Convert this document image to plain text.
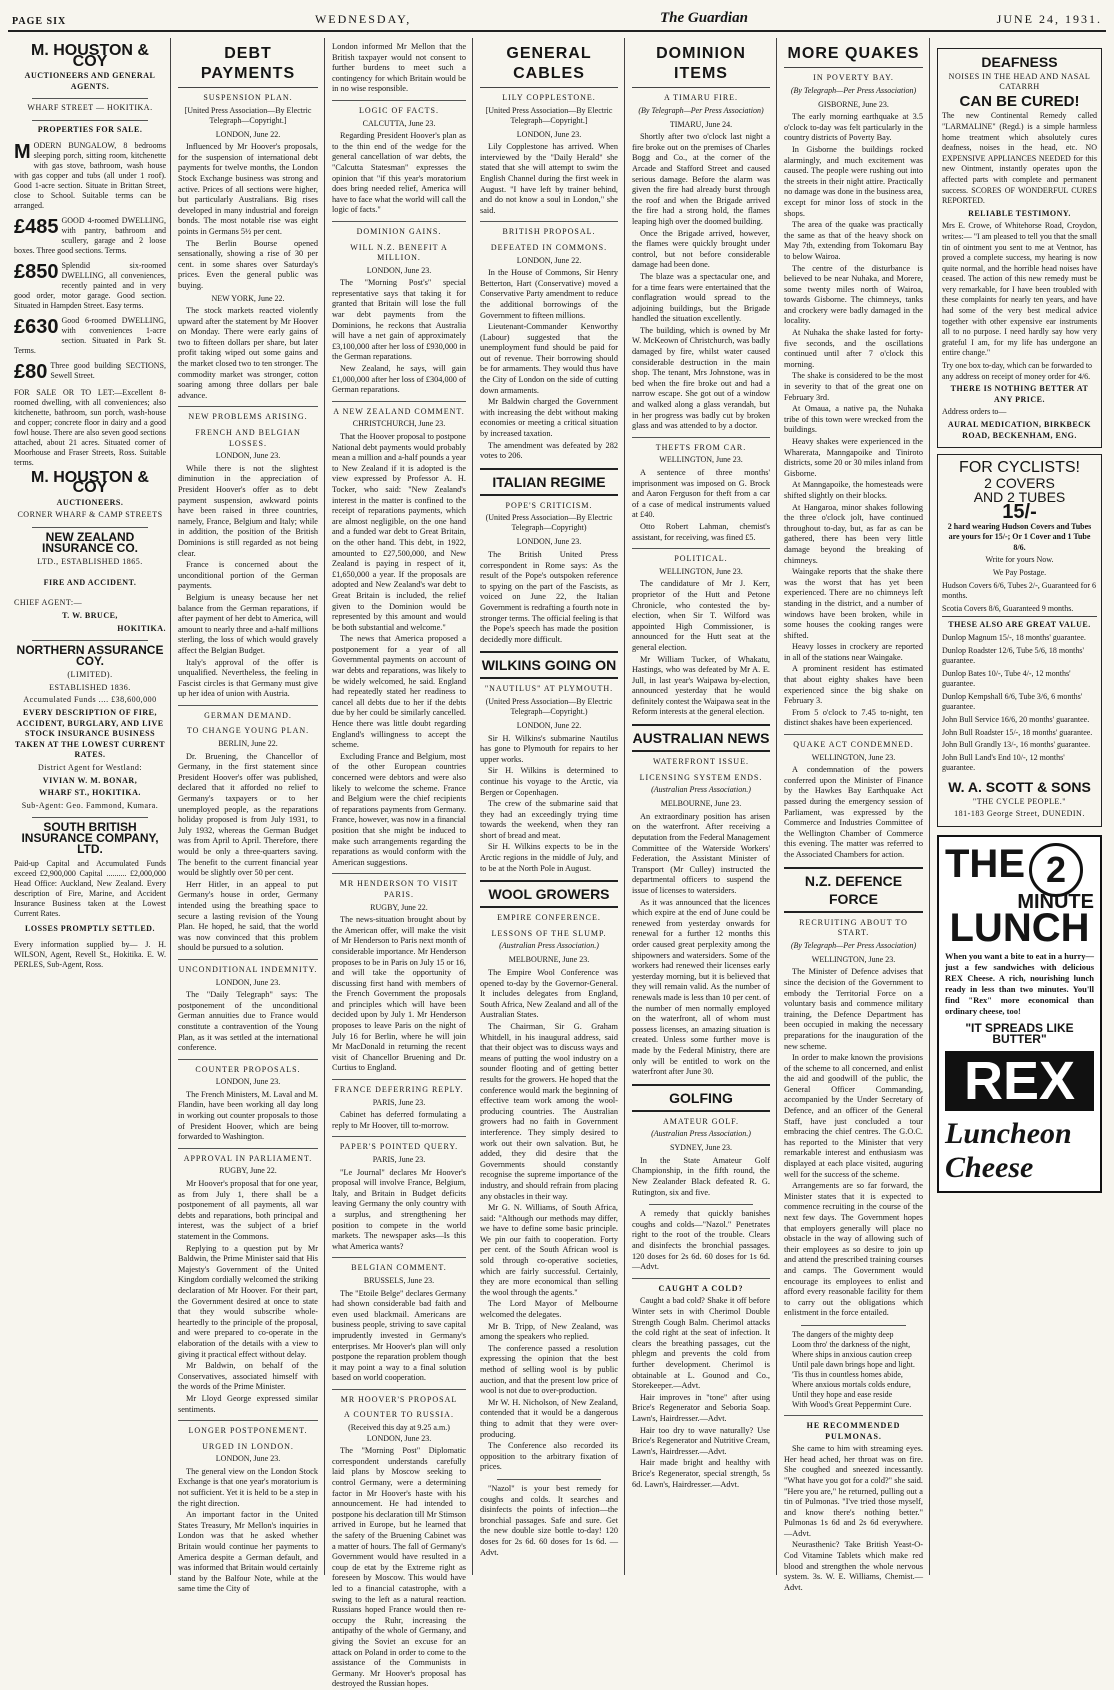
PAGE SIX	WEDNESDAY,	The Guardian	JUNE 24, 1931.
M. HOUSTON & COY
AUCTIONEERS AND GENERAL AGENTS.
WHARF STREET — HOKITIKA.
PROPERTIES FOR SALE.
MODERN BUNGALOW, 8 bedrooms sleeping porch, sitting room, kitchenette with gas stove, bathroom, wash house with gas copper and tubs (all under 1 roof). Good 1-acre section. Situate in Brittan Street, close to School. Suitable terms can be arranged.
£485 GOOD 4-roomed DWELLING, with pantry, bathroom and scullery, garage and 2 loose boxes. Three good sections. Terms.
£850 Splendid six-roomed DWELLING, all conveniences, recently painted and in very good order, motor garage. Good section. Situated in Hampden Street. Easy terms.
£630 Good 6-roomed DWELLING, with conveniences 1-acre section. Situated in Park St. Terms.
£80 Three good building SECTIONS, Sewell Street.
FOR SALE OR TO LET:—Excellent 8-roomed dwelling, with all conveniences; also kitchenette, bathroom, sun porch, wash-house and copper; concrete floor in dairy and a good fowl house. There are also seven good sections attached, about 21 acres. Situated corner of Moorhouse and Fraser Streets, Ross. Suitable terms.
M. HOUSTON & COY
AUCTIONEERS.
CORNER WHARF & CAMP STREETS
NEW ZEALAND INSURANCE CO.
LTD., ESTABLISHED 1865.
FIRE AND ACCIDENT.
CHIEF AGENT:—
T. W. BRUCE,
HOKITIKA.
NORTHERN ASSURANCE COY.
(LIMITED).
ESTABLISHED 1836.
Accumulated Funds .... £38,600,000
EVERY DESCRIPTION OF FIRE, ACCIDENT, BURGLARY, AND LIVE STOCK INSURANCE BUSINESS TAKEN AT THE LOWEST CURRENT RATES.
District Agent for Westland:
VIVIAN W. M. BONAR,
WHARF ST., HOKITIKA.
Sub-Agent: Geo. Fammond, Kumara.
SOUTH BRITISH INSURANCE COMPANY, LTD.
Paid-up Capital and Accumulated Funds exceed £2,900,000 Capital .......... £2,000,000 Head Office: Auckland, New Zealand. Every description of Fire, Marine, and Accident Insurance Business taken at the Lowest Current Rates.
LOSSES PROMPTLY SETTLED.
Every information supplied by— J. H. WILSON, Agent, Revell St., Hokitika. E. W. PERLES, Sub-Agent, Ross.
DEBT PAYMENTS
SUSPENSION PLAN.
[United Press Association—By Electric Telegraph—Copyright.]
LONDON, June 22.

Influenced by Mr Hoover's proposals, for the suspension of international debt payments for twelve months, the London Stock Exchange business was strong and active. Prices of all sections were higher, but particularly Australians. Big rises developed in many industrial and foreign bonds. The most notable rise was eight points in Germans 5½ per cent.

The Berlin Bourse opened sensationally, showing a rise of 30 per cent. in some shares over Saturday's prices. Even the general public was buying.

NEW YORK, June 22.

The stock markets reacted violently upward after the statement by Mr Hoover on Monday. There were early gains of two to fifteen dollars per share, but later profit taking wiped out some gains and the market closed two to ten stronger. The commodity market was stronger, cotton soaring among three dollars per bale advance.

NEW PROBLEMS ARISING.
FRENCH AND BELGIAN LOSSES.
LONDON, June 23.

While there is not the slightest diminution in the appreciation of President Hoover's offer as to debt payment suspension, awkward points have been raised in three countries, namely, France, Belgium and Italy; while in addition, the position of the British Dominions is still regarded as not being clear.

France is concerned about the unconditional portion of the German payments.

Belgium is uneasy because her net balance from the German reparations, if after payment of her debt to America, will amount to nearly three and a-half millions sterling, the loss of which would gravely affect the Belgian Budget.

Italy's approval of the offer is unqualified. Nevertheless, the feeling in Fascist circles is that Germany must give up her idea of union with Austria.

GERMAN DEMAND.
TO CHANGE YOUNG PLAN.
BERLIN, June 22.

Dr. Bruening, the Chancellor of Germany, in the first statement since President Hoover's offer was published, declared that it afforded no relief to Germany's taxpayers or to her unemployed people, as the reparations holiday proposed is from July 1931, to July 1932, whereas the German Budget was from April to April. Therefore, there would be only a three-quarters saving. The benefit to the current financial year would be slightly over 50 per cent.

Herr Hitler, in an appeal to put Germany's house in order, Germany intended using the breathing space to secure a lasting revision of the Young Plan. He hoped, he said, that the world was now convinced that this problem should be pursued to a solution.

UNCONDITIONAL INDEMNITY.
LONDON, June 23.

The "Daily Telegraph" says: The postponement of the unconditional German annuities due to France would constitute a contravention of the Young Plan, as it was settled at the international conference.

COUNTER PROPOSALS.
LONDON, June 23.

The French Ministers, M. Laval and M. Flandin, have been working all day long in working out counter proposals to those of President Hoover, which are being forwarded to Washington.

APPROVAL IN PARLIAMENT.
RUGBY, June 22.

Mr Hoover's proposal that for one year, as from July 1, there shall be a postponement of all payments, all war debts and reparations, both principal and interest, was the subject of a brief statement in the Commons.

Replying to a question put by Mr Baldwin, the Prime Minister said that His Majesty's Government of the United Kingdom cordially welcomed the striking declaration of Mr Hoover. For their part, the Government desired at once to state that they would subscribe whole-heartedly to the principle of the proposal, and were prepared to co-operate in the elaboration of the details with a view to giving it practical effect without delay.

Mr Baldwin, on behalf of the Conservatives, associated himself with the words of the Prime Minister.

Mr Lloyd George expressed similar sentiments.

LONGER POSTPONEMENT.
URGED IN LONDON.
LONDON, June 23.

The general view on the London Stock Exchange is that one year's moratorium is not sufficient. Yet it is held to be a step in the right direction.

An important factor in the United States Treasury, Mr Mellon's inquiries in London was that he asked whether Britain would continue her payments to America despite a German default, and was informed that Britain would certainly stand by the Balfour Note, while at the same time the City of

London informed Mr Mellon that the British taxpayer would not consent to further burdens to meet such a contingency for which Britain would be in no wise responsible.

LOGIC OF FACTS.
CALCUTTA, June 23.

Regarding President Hoover's plan as to the thin end of the wedge for the general cancellation of war debts, the "Calcutta Statesman" expresses the opinion that "if this year's moratorium does bring needed relief, America will have to face what the world will call the logic of facts."

DOMINION GAINS.
WILL N.Z. BENEFIT A MILLION.
LONDON, June 23.

The "Morning Post's" special representative says that taking it for granted that Britain will lose the full war debt payments from the Dominions, he reckons that Australia will have a net gain of approximately £3,100,000 after her loss of £930,000 in the German reparations.

New Zealand, he says, will gain £1,000,000 after her loss of £304,000 of German reparations.

A NEW ZEALAND COMMENT.
CHRISTCHURCH, June 23.

That the Hoover proposal to postpone National debt payments would probably mean a million and a-half pounds a year to New Zealand if it is adopted is the view expressed by Professor A. H. Tocker, who said: "New Zealand's interest in the matter is confined to the receipt of reparations payments, which are almost negligible, on the one hand and a funded war debt to Great Britain, on the other hand. This debt, in 1922, amounted to £27,500,000, and New Zealand is paying in respect of it, £1,650,000 a year. If the proposals are adopted and New Zealand's war debt to Great Britain is included, the relief given to the Dominion would be represented by this amount and would be both substantial and welcome."

The news that America proposed a postponement for a year of all Governmental payments on account of war debts and reparations, was likely to be widely welcomed, he said. England had repeatedly stated her readiness to cancel all debts due to her if the debts due by her could be similarly cancelled. Hence there was little doubt regarding England's willingness to accept the scheme.

Excluding France and Belgium, most of the other European countries concerned were debtors and were also likely to welcome the scheme. France and Belgium were the chief recipients of reparations payments from Germany. France, however, was now in a financial position that she might be induced to make such arrangements regarding the reparations as would conform with the American suggestions.

MR HENDERSON TO VISIT PARIS.
RUGBY, June 22.

The news-situation brought about by the American offer, will make the visit of Mr Henderson to Paris next month of considerable importance. Mr Henderson proposes to be in Paris on July 15 or 16, and will take the opportunity of discussing first hand with members of the French Government the proposals and principles which will have been decided upon by July 1. Mr Henderson proposes to leave Paris on the night of July 16 for Berlin, where he will join Mr MacDonald in returning the recent visit of Chancellor Bruening and Dr. Curtius to England.

FRANCE DEFERRING REPLY.
PARIS, June 23.

Cabinet has deferred formulating a reply to Mr Hoover, till to-morrow.

PAPER'S POINTED QUERY.
PARIS, June 23.

"Le Journal" declares Mr Hoover's proposal will involve France, Belgium, Italy, and Britain in Budget deficits leaving Germany the only country with a surplus, and strengthening her position to compete in the world markets. The newspaper asks—Is this what America wants?

BELGIAN COMMENT.
BRUSSELS, June 23.

The "Etoile Belge" declares Germany had shown considerable bad faith and even used blackmail. Americans are business people, striving to save capital imprudently invested in Germany's enterprises. Mr Hoover's plan will only postpone the reparation problem though it may point a way to a final solution based on world cooperation.

MR HOOVER'S PROPOSAL
A COUNTER TO RUSSIA.
(Received this day at 9.25 a.m.) LONDON, June 23.

The "Morning Post" Diplomatic correspondent understands carefully laid plans by Moscow seeking to control Germany, were a determining factor in Mr Hoover's haste with his announcement. He had intended to postpone his declaration till Mr Stimson arrived in Europe, but he learned that the safety of the Bruening Cabinet was a matter of hours. The fall of Germany's Government would have resulted in a coup de etat by the Extreme right as foreseen by Moscow. This would have led to a financial catastrophe, with a swing to the left as a natural reaction. Russians hoped France would then re-occupy the Ruhr, increasing the antipathy of the whole of Germany, and giving the Soviet an excuse for an attack on Poland in order to come to the assistance of the Communists in Germany. Mr Hoover's proposal has destroyed the Russian hopes.

GENERAL CABLES
LILY COPPLESTONE.
[United Press Association—By Electric Telegraph—Copyright.]
LONDON, June 23.

Lily Copplestone has arrived. When interviewed by the "Daily Herald" she stated that she will attempt to swim the English Channel during the first week in August. "I have left by trainer behind, and do not know a soul in London," she said.

BRITISH PROPOSAL.
DEFEATED IN COMMONS.
LONDON, June 22.

In the House of Commons, Sir Henry Betterton, Hart (Conservative) moved a Conservative Party amendment to reduce the additional borrowings of the Government to fifteen millions.

Lieutenant-Commander Kenworthy (Labour) suggested that the unemployment fund should be paid for out of revenue. Their borrowing should be for armaments. They would thus have the City of London on the side of cutting down armaments.

Mr Baldwin charged the Government with increasing the debt without making economies or meeting a critical situation by increased taxation.

The amendment was defeated by 282 votes to 206.

ITALIAN REGIME
POPE'S CRITICISM.
(United Press Association—By Electric Telegraph—Copyright)
LONDON, June 23.

The British United Press correspondent in Rome says: As the result of the Pope's outspoken reference to spying on the part of the Fascists, as voiced on June 22, the Italian Government is redrafting a fourth note in stronger terms. The official feeling is that the Pope's speech has made the position decidedly more difficult.

WILKINS GOING ON
"NAUTILUS" AT PLYMOUTH.
(United Press Association—By Electric Telegraph—Copyright.)
LONDON, June 22.

Sir H. Wilkins's submarine Nautilus has gone to Plymouth for repairs to her upper works.

Sir H. Wilkins is determined to continue his voyage to the Arctic, via Bergen or Copenhagen.

The crew of the submarine said that they had an exceedingly trying time towards the weekend, when they ran short of bread and meat.

Sir H. Wilkins expects to be in the Arctic regions in the middle of July, and to be at the North Pole in August.

WOOL GROWERS
EMPIRE CONFERENCE.
LESSONS OF THE SLUMP.
(Australian Press Association.)
MELBOURNE, June 23.

The Empire Wool Conference was opened to-day by the Governor-General. It includes delegates from England, South Africa, New Zealand and all of the Australian States.

The Chairman, Sir G. Graham Whitdell, in his inaugural address, said that their object was to discuss ways and means of putting the wool industry on a sounder flooting and of getting better results for the growers. He hoped that the conference would mark the beginning of effective team work among the wool-producing countries. The Australian growers had no faith in Government interference. They simply desired to work out their own salvation. But, he added, they did desire that the Governments should constantly recognise the supreme importance of the industry, and should refrain from placing any obstacles in their way.

Mr G. N. Williams, of South Africa, said: "Although our methods may differ, we have to define some basic principle. We pin our faith to cooperation. Forty per cent. of the South African wool is sold through co-operative societies, which are fairly successful. Certainly, they are more economical than selling the wool through the agents."

The Lord Mayor of Melbourne welcomed the delegates.

Mr B. Tripp, of New Zealand, was among the speakers who replied.

The conference passed a resolution expressing the opinion that the best method of selling wool is by public auction, and that the present low price of wool is not due to over-production.

Mr W. H. Nicholson, of New Zealand, contended that it would be a dangerous thing to admit that they were over-producing.

The Conference also recorded its opposition to the arbitrary fixation of prices.

"Nazol" is your best remedy for coughs and colds. It searches and disinfects the points of infection—the bronchial passages. Safe and sure. Get the new double size bottle to-day! 120 doses for 2s 6d. 60 doses for 1s 6d. —Advt.

DOMINION ITEMS
A TIMARU FIRE.
(By Telegraph—Per Press Association)
TIMARU, June 24.

Shortly after two o'clock last night a fire broke out on the premises of Charles Bogg and Co., at the corner of the Arcade and Stafford Street and caused serious damage. Before the alarm was given the fire had already burst through the roof and when the Brigade arrived the fire had a strong hold, the flames leaping high over the doomed building.

Once the Brigade arrived, however, the flames were quickly brought under control, but not before considerable damage had been done.

The blaze was a spectacular one, and for a time fears were entertained that the conflagration would spread to the adjoining buildings, but the Brigade handled the situation excellently.

The building, which is owned by Mr W. McKeown of Christchurch, was badly damaged by fire, whilst water caused considerable destruction in the main shop. The tenant, Mrs Johnstone, was in bed when the fire broke out and had a narrow escape. She got out of a window and walked along a glass verandah, but in her progress was badly cut by broken glass and was attended to by a doctor.

THEFTS FROM CAR.
WELLINGTON, June 23.

A sentence of three months' imprisonment was imposed on G. Brock and Aaron Ferguson for theft from a car of a case of medical instruments valued at £40.

Otto Robert Lahman, chemist's assistant, for receiving, was fined £5.

POLITICAL.
WELLINGTON, June 23.

The candidature of Mr J. Kerr, proprietor of the Hutt and Petone Chronicle, who contested the by-election, when Sir T. Wilford was appointed High Commissioner, is announced for the Hutt seat at the general election.

Mr William Tucker, of Whakatu, Hastings, who was defeated by Mr A. E. Jull, in last year's Waipawa by-election, announced yesterday that he would definitely contest the Waipawa seat in the Reform interests at the general election.

AUSTRALIAN NEWS
WATERFRONT ISSUE.
LICENSING SYSTEM ENDS.
(Australian Press Association.)
MELBOURNE, June 23.

An extraordinary position has arisen on the waterfront. After receiving a deputation from the Federal Management Committee of the Waterside Workers' Federation, the Assistant Minister of Transport (Mr Culley) instructed the departmental officers to suspend the issue of licenses to watersiders.

As it was announced that the licences which expire at the end of June could be renewed from yesterday onwards for renewal for a further 12 months this order caused great perplexity among the shipowners and watersiders. Some of the workers had renewed their licenses early yesterday morning, but it is believed that they will remain valid. As the number of renewals made is less than 10 per cent. of the number of men normally employed on the waterfront, all of whom must possess licenses, an amazing situation is created. Unless some further move is made by the Federal Ministry, there are only will be entitled to work on the waterfront after June 30.

GOLFING
AMATEUR GOLF.
(Australian Press Association.)
SYDNEY, June 23.

In the State Amateur Golf Championship, in the fifth round, the New Zealander Black defeated R. G. Rutington, six and five.

A remedy that quickly banishes coughs and colds—"Nazol." Penetrates right to the root of the trouble. Clears and disinfects the bronchial passages. 120 doses for 2s 6d. 60 doses for 1s 6d.—Advt.

CAUGHT A COLD?

Caught a bad cold? Shake it off before Winter sets in with Cherimol Double Strength Cough Balm. Cherimol attacks the cold right at the seat of infection. It clears the breathing passages, cut the phlegm and prevents the cold from further development. Cherimol is obtainable at L. Gounod and Co., Storekeeper.—Advt.

Hair improves in "tone" after using Brice's Regenerator and Seboria Soap. Lawn's, Hairdresser.—Advt.

Hair too dry to wave naturally? Use Brice's Regenerator and Nutritive Cream, Lawn's, Hairdresser.—Advt.

Hair made bright and healthy with Brice's Regenerator, special strength, 5s 6d. Lawn's, Hairdresser.—Advt.

MORE QUAKES
IN POVERTY BAY.
(By Telegraph—Per Press Association)
GISBORNE, June 23.

The early morning earthquake at 3.5 o'clock to-day was felt particularly in the country districts of Poverty Bay.

In Gisborne the buildings rocked alarmingly, and much excitement was caused. The people were rushing out into the streets in their night attire. Practically no damage was done in the business area, except for minor loss of stock in the shops.

The area of the quake was practically the same as that of the heavy shock on May 7th, extending from Tokomaru Bay to below Wairoa.

The centre of the disturbance is believed to be near Nuhaka, and Morere, some twenty miles north of Wairoa, towards Gisborne. The chimneys, tanks and crockery were badly damaged in the locality.

At Nuhaka the shake lasted for forty-five seconds, and the oscillations continued until after 7 o'clock this morning.

The shake is considered to be the most in severity to that of the great one on February 3rd.

At Omaua, a native pa, the Nuhaka tribe of this town were wrecked from the buildings.

Heavy shakes were experienced in the Wharerata, Manngapoike and Tiniroto districts, some 20 or 30 miles inland from Gisborne.

At Manngapoike, the homesteads were shifted slightly on their blocks.

At Hangaroa, minor shakes following the three o'clock jolt, have continued throughout to-day, but, as far as can be gathered, there has been very little damage beyond the breaking of chimneys.

Waingake reports that the shake there was the worst that has yet been experienced. There are no chimneys left standing in the district, and a number of windows have been broken, while in some houses the cooking ranges were shifted.

Heavy losses in crockery are reported in all of the stations near Waingake.

A prominent resident has estimated that about eighty shakes have been experienced since the big shake on February 3.

From 5 o'clock to 7.45 to-night, ten distinct shakes have been experienced.

QUAKE ACT CONDEMNED.
WELLINGTON, June 23.

A condemnation of the powers conferred upon the Minister of Finance by the Hawkes Bay Earthquake Act passed during the emergency session of Parliament, was expressed by the Commerce and Industries Committee of the Wellington Chamber of Commerce this evening. The matter was referred to the Associated Chambers for action.

N.Z. DEFENCE FORCE
RECRUITING ABOUT TO START.
(By Telegraph—Per Press Association)
WELLINGTON, June 23.

The Minister of Defence advises that since the decision of the Government to embody the Territorial Force on a voluntary basis and commence military training, the Defence Department has been occupied in making the necessary preparations for the inauguration of the new scheme.

In order to make known the provisions of the scheme to all concerned, and enlist the aid and goodwill of the public, the General Officer Commanding, accompanied by the Under Secretary of Defence, and an officer of the General Staff, have just concluded a tour embracing the chief centres. The G.O.C. has reported to the Minister that very remarkable interest and enthusiasm was displayed at each place visited, auguring well for the success of the scheme.

Arrangements are so far forward, the Minister states that it is expected to commence recruiting in the course of the next few days. The Government hopes that employers generally will place no obstacle in the way of allowing such of their employees as so desire to join up and attend the prescribed training courses and camps. The Government would encourage its employees to enlist and afford every reasonable facility for them to carry out the obligations which enlistment in the force entailed.

The dangers of the mighty deep
Loom thro' the darkness of the night,
Where ships in anxious caution creep
Until pale dawn brings hope and light.
'Tis thus in countless homes abide,
Where anxious mortals colds endure,
Until they hope and ease reside
With Wood's Great Peppermint Cure.
HE RECOMMENDED PULMONAS.

She came to him with streaming eyes. Her head ached, her throat was on fire. She coughed and sneezed incessantly. "What have you got for a cold?" she said. "Here you are," he returned, pulling out a tin of Pulmonas. "I've tried those myself, and know there's nothing better." Pulmonas 1s 6d and 2s 6d everywhere. —Advt.

Neurasthenic? Take British Yeast-O-Cod Vitamine Tablets which make red blood and strengthen the whole nervous system. 3s. W. E. Williams, Chemist.—Advt.

DEAFNESS
NOISES IN THE HEAD AND NASAL CATARRH
CAN BE CURED!
The new Continental Remedy called "LARMALINE" (Regd.) is a simple harmless home treatment which absolutely cures deafness, noises in the head, etc. NO EXPENSIVE APPLIANCES NEEDED for this new Ointment, instantly operates upon the affected parts with complete and permanent success. SCORES OF WONDERFUL CURES REPORTED.
RELIABLE TESTIMONY.
Mrs E. Crowe, of Whitehorse Road, Croydon, writes:— "I am pleased to tell you that the small tin of ointment you sent to me at Ventnor, has proved a complete success, my hearing is now quite normal, and the horrible head noises have ceased. The action of this new remedy must be very remarkable, for I have been troubled with these complaints for nearly ten years, and have had some of the very best medical advice together with other expensive ear instruments all to no purpose. I need hardly say how very grateful I am, for my life has undergone an entire change."
Try one box to-day, which can be forwarded to any address on receipt of money order for 4/6.
THERE IS NOTHING BETTER AT ANY PRICE.
Address orders to—
AURAL MEDICATION, BIRKBECK ROAD, BECKENHAM, ENG.
FOR CYCLISTS!
2 COVERS
AND 2 TUBES
15/-
2 hard wearing Hudson Covers and Tubes are yours for 15/-; Or 1 Cover and 1 Tube 8/6.
Write for yours Now.
We Pay Postage.
Hudson Covers 6/6, Tubes 2/-, Guaranteed for 6 months.
Scotia Covers 8/6, Guaranteed 9 months.
THESE ALSO ARE GREAT VALUE.
Dunlop Magnum 15/-, 18 months' guarantee.
Dunlop Roadster 12/6, Tube 5/6, 18 months' guarantee.
Dunlop Bates 10/-, Tube 4/-, 12 months' guarantee.
Dunlop Kempshall 6/6, Tube 3/6, 6 months' guarantee.
John Bull Service 16/6, 20 months' guarantee.
John Bull Roadster 15/-, 18 months' guarantee.
John Bull Grandly 13/-, 16 months' guarantee.
John Bull Land's End 10/-, 12 months' guarantee.
W. A. SCOTT & SONS
"THE CYCLE PEOPLE."
181-183 George Street, DUNEDIN.
THE 2
MINUTE
LUNCH
When you want a bite to eat in a hurry—just a few sandwiches with delicious REX Cheese. A rich, nourishing lunch ready in less than two minutes. You'll find "Rex" more economical than ordinary cheese, too!
"IT SPREADS LIKE BUTTER"
REX
Luncheon Cheese
